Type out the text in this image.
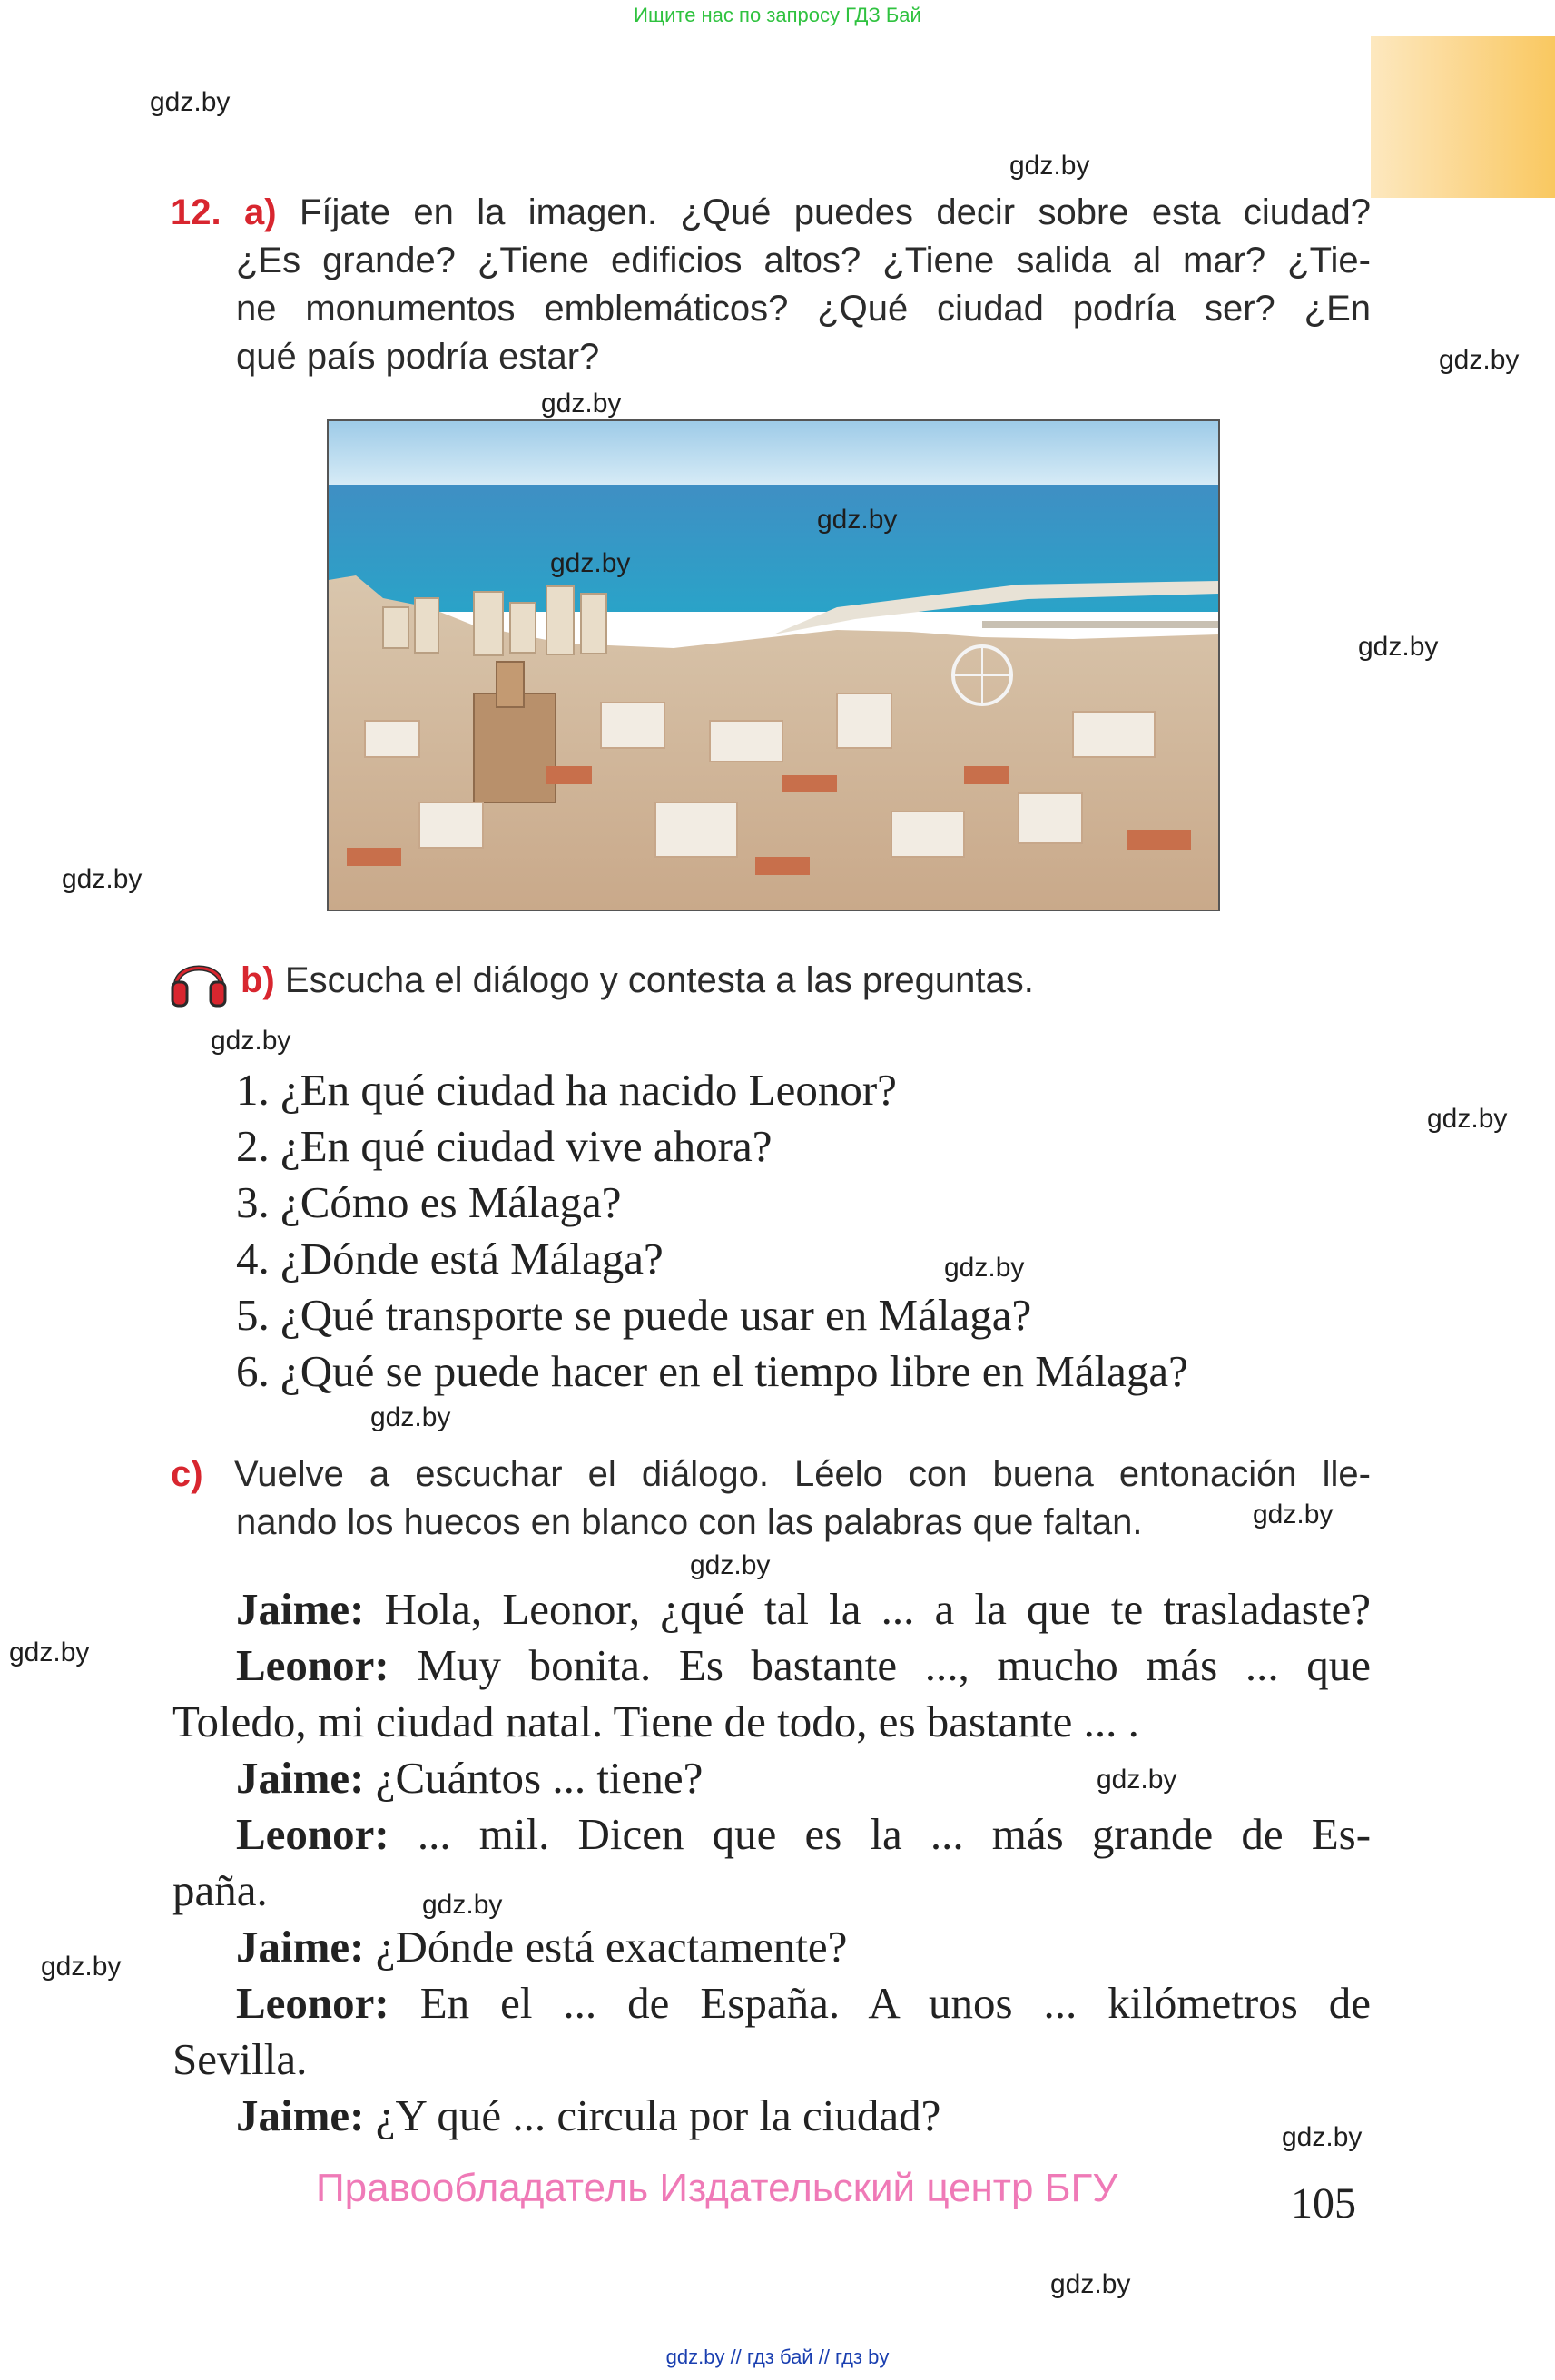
Ищите нас по запросу ГДЗ Бай
gdz.by
gdz.by
gdz.by
gdz.by
gdz.by
gdz.by
gdz.by
gdz.by
gdz.by
gdz.by
gdz.by
gdz.by
gdz.by
gdz.by
gdz.by
gdz.by
gdz.by
gdz.by
12. a) Fíjate en la imagen. ¿Qué puedes decir sobre esta ciudad?
¿Es grande? ¿Tiene edificios altos? ¿Tiene salida al mar? ¿Tie-
ne monumentos emblemáticos? ¿Qué ciudad podría ser? ¿En
qué país podría estar?
gdz.by
gdz.by
b) Escucha el diálogo y contesta a las preguntas.
1. ¿En qué ciudad ha nacido Leonor?
2. ¿En qué ciudad vive ahora?
3. ¿Cómo es Málaga?
4. ¿Dónde está Málaga?
5. ¿Qué transporte se puede usar en Málaga?
6. ¿Qué se puede hacer en el tiempo libre en Málaga?
c) Vuelve a escuchar el diálogo. Léelo con buena entonación lle-
nando los huecos en blanco con las palabras que faltan.
Jaime: Hola, Leonor, ¿qué tal la ... a la que te trasladaste?
Leonor: Muy bonita. Es bastante ..., mucho más ... que
Toledo, mi ciudad natal. Tiene de todo, es bastante ... .
Jaime: ¿Cuántos ... tiene?
Leonor: ... mil. Dicen que es la ... más grande de Es-
paña.
Jaime: ¿Dónde está exactamente?
Leonor: En el ... de España. A unos ... kilómetros de
Sevilla.
Jaime: ¿Y qué ... circula por la ciudad?
Правообладатель Издательский центр БГУ	105
gdz.by // гдз бай // гдз by
